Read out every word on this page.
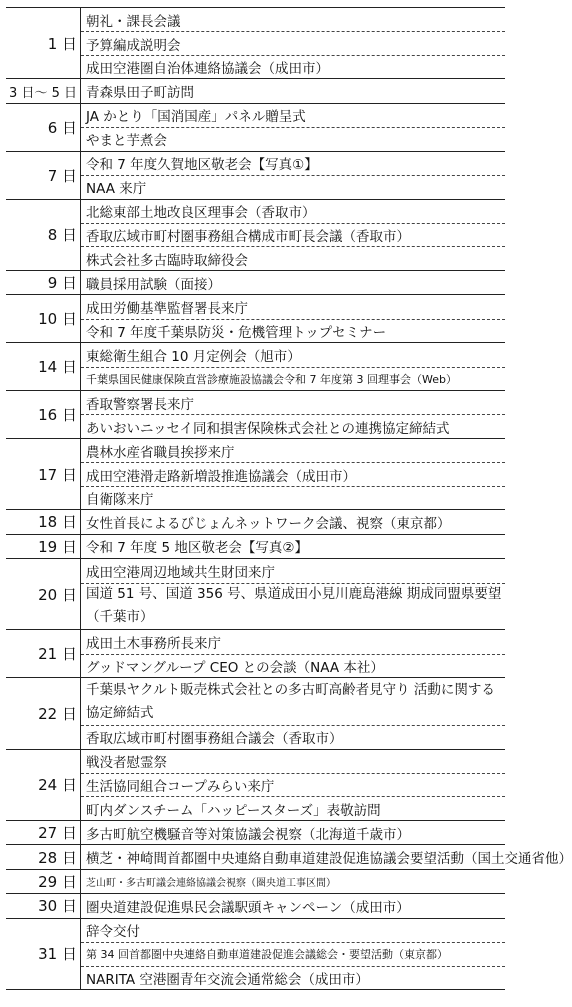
1 日
朝礼・課長会議
予算編成説明会
成田空港圏自治体連絡協議会（成田市）
3 日～ 5 日 青森県田子町訪問
6 日
JA かとり「国消国産」パネル贈呈式
やまと芋煮会
7 日
令和 7 年度久賀地区敬老会【写真①】
NAA 来庁
8 日
北総東部土地改良区理事会（香取市）
香取広域市町村圏事務組合構成市町長会議（香取市）
株式会社多古臨時取締役会
9 日 職員採用試験（面接）
10 日
成田労働基準監督署長来庁
令和 7 年度千葉県防災・危機管理トップセミナー
14 日
東総衛生組合 10 月定例会（旭市）
千葉県国民健康保険直営診療施設協議会令和 7 年度第 3 回理事会（Web）
16 日
香取警察署長来庁
あいおいニッセイ同和損害保険株式会社との連携協定締結式
17 日
農林水産省職員挨拶来庁
成田空港滑走路新増設推進協議会（成田市）
自衛隊来庁
18 日 女性首長によるびじょんネットワーク会議、視察（東京都）
19 日 令和 7 年度 5 地区敬老会【写真②】
20 日
成田空港周辺地域共生財団来庁
国道 51 号、国道 356 号、県道成田小見川鹿島港線 期成同盟県要望（千葉市）
21 日
成田土木事務所長来庁
グッドマングループ CEO との会談（NAA 本社）
22 日
千葉県ヤクルト販売株式会社との多古町高齢者見守り 活動に関する協定締結式
香取広域市町村圏事務組合議会（香取市）
24 日
戦没者慰霊祭
生活協同組合コープみらい来庁
町内ダンスチーム「ハッピースターズ」表敬訪問
27 日 多古町航空機騒音等対策協議会視察（北海道千歳市）
28 日 横芝・神崎間首都圏中央連絡自動車道建設促進協議会要望活動（国土交通省他）
29 日 芝山町・多古町議会連絡協議会視察（圏央道工事区間）
30 日 圏央道建設促進県民会議駅頭キャンペーン（成田市）
31 日
辞令交付
第 34 回首都圏中央連絡自動車道建設促進会議総会・要望活動（東京都）
NARITA 空港圏青年交流会通常総会（成田市）
